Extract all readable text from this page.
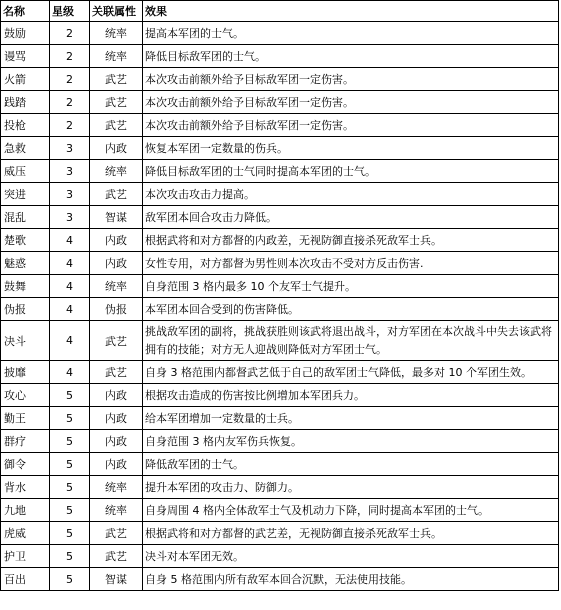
名称	星级	关联属性	效果
鼓励	2	统率	提高本军团的士气。
谩骂	2	统率	降低目标敌军团的士气。
火箭	2	武艺	本次攻击前额外给予目标敌军团一定伤害。
践踏	2	武艺	本次攻击前额外给予目标敌军团一定伤害。
投枪	2	武艺	本次攻击前额外给予目标敌军团一定伤害。
急救	3	内政	恢复本军团一定数量的伤兵。
威压	3	统率	降低目标敌军团的士气同时提高本军团的士气。
突进	3	武艺	本次攻击攻击力提高。
混乱	3	智谋	敌军团本回合攻击力降低。
楚歌	4	内政	根据武将和对方都督的内政差，无视防御直接杀死敌军士兵。
魅惑	4	内政	女性专用，对方都督为男性则本次攻击不受对方反击伤害.
鼓舞	4	统率	自身范围 3 格内最多 10 个友军士气提升。
伪报	4	伪报	本军团本回合受到的伤害降低。
决斗	4	武艺	挑战敌军团的副将，挑战获胜则该武将退出战斗，对方军团在本次战斗中失去该武将拥有的技能；对方无人迎战则降低对方军团士气。
披靡	4	武艺	自身 3 格范围内都督武艺低于自己的敌军团士气降低，最多对 10 个军团生效。
攻心	5	内政	根据攻击造成的伤害按比例增加本军团兵力。
勤王	5	内政	给本军团增加一定数量的士兵。
群疗	5	内政	自身范围 3 格内友军伤兵恢复。
御令	5	内政	降低敌军团的士气。
背水	5	统率	提升本军团的攻击力、防御力。
九地	5	统率	自身周围 4 格内全体敌军士气及机动力下降，同时提高本军团的士气。
虎威	5	武艺	根据武将和对方都督的武艺差，无视防御直接杀死敌军士兵。
护卫	5	武艺	决斗对本军团无效。
百出	5	智谋	自身 5 格范围内所有敌军本回合沉默，无法使用技能。
